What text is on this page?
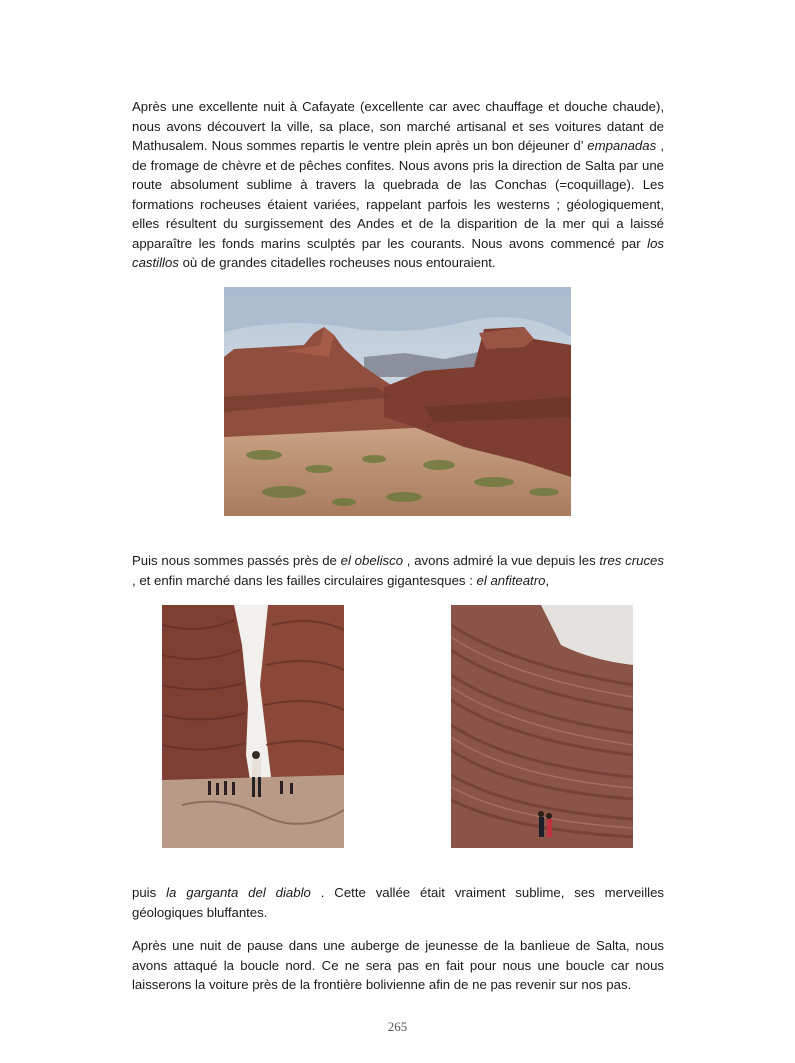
Après une excellente nuit à Cafayate (excellente car avec chauffage et douche chaude), nous avons découvert la ville, sa place, son marché artisanal et ses voitures datant de Mathusalem. Nous sommes repartis le ventre plein après un bon déjeuner d’ empanadas , de fromage de chèvre et de pêches confites. Nous avons pris la direction de Salta par une route absolument sublime à travers la quebrada de las Conchas (=coquillage). Les formations rocheuses étaient variées, rappelant parfois les westerns ; géologiquement, elles résultent du surgissement des Andes et de la disparition de la mer qui a laissé apparaître les fonds marins sculptés par les courants. Nous avons commencé par los castillos où de grandes citadelles rocheuses nous entouraient.

Puis nous sommes passés près de el obelisco , avons admiré la vue depuis les tres cruces , et enfin marché dans les failles circulaires gigantesques : el anfiteatro,

puis la garganta del diablo . Cette vallée était vraiment sublime, ses merveilles géologiques bluffantes.

Après une nuit de pause dans une auberge de jeunesse de la banlieue de Salta, nous avons attaqué la boucle nord. Ce ne sera pas en fait pour nous une boucle car nous laisserons la voiture près de la frontière bolivienne afin de ne pas revenir sur nos pas.

265
